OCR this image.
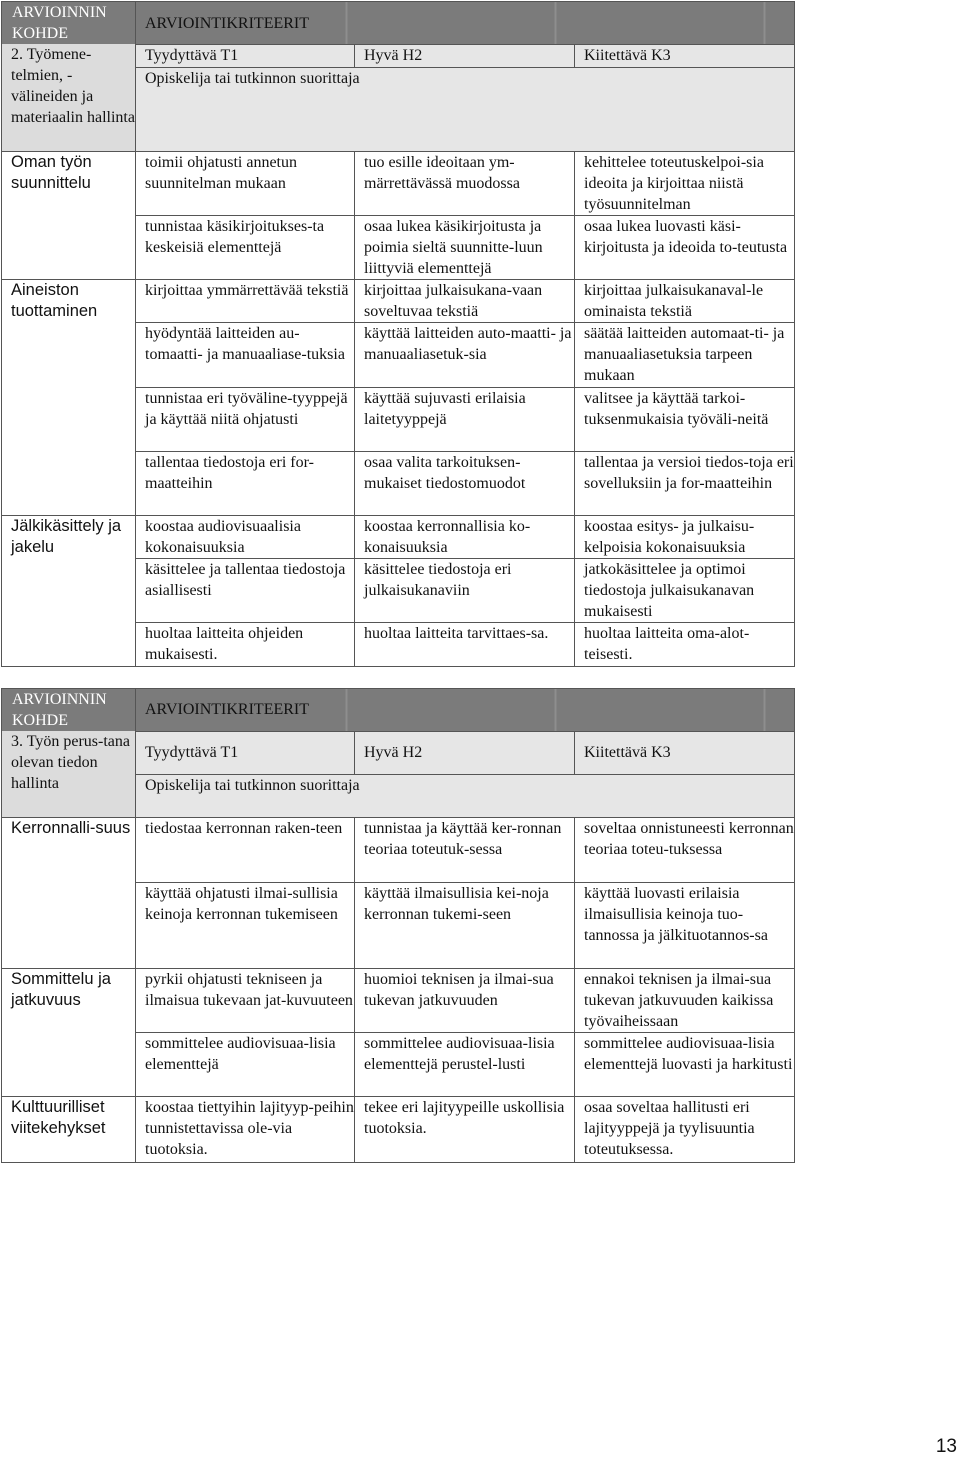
ARVIOINNIN KOHDE	ARVIOINTIKRITEERIT		

2. Työmene-telmien, -välineiden ja materiaalin hallinta	Tyydyttävä T1	Hyvä H2	Kiitettävä K3
	Opiskelija tai tutkinnon suorittaja		

Oman työn suunnittelu	toimii ohjatusti annetun suunnitelman mukaan	tuo esille ideoitaan ym-märrettävässä muodossa	kehittelee toteutuskelpoi-sia ideoita ja kirjoittaa niistä työsuunnitelman

	tunnistaa käsikirjoitukses-ta keskeisiä elementtejä	osaa lukea käsikirjoitusta ja poimia sieltä suunnitte-luun liittyviä elementtejä	osaa lukea luovasti käsi-kirjoitusta ja ideoida to-teutusta

Aineiston tuottaminen	kirjoittaa ymmärrettävää tekstiä	kirjoittaa julkaisukana-vaan soveltuvaa tekstiä	kirjoittaa julkaisukanaval-le ominaista tekstiä

	hyödyntää laitteiden au-tomaatti- ja manuaaliase-tuksia	käyttää laitteiden auto-maatti- ja manuaaliasetuk-sia	säätää laitteiden automaat-ti- ja manuaaliasetuksia tarpeen mukaan

	tunnistaa eri työväline-tyyppejä ja käyttää niitä ohjatusti	käyttää sujuvasti erilaisia laitetyyppejä	valitsee ja käyttää tarkoi-tuksenmukaisia työväli-neitä

	tallentaa tiedostoja eri for-maatteihin	osaa valita tarkoituksen-mukaiset tiedostomuodot	tallentaa ja versioi tiedos-toja eri sovelluksiin ja for-maatteihin

Jälkikäsittely ja jakelu	koostaa audiovisuaalisia kokonaisuuksia	koostaa kerronnallisia ko-konaisuuksia	koostaa esitys- ja julkaisu-kelpoisia kokonaisuuksia

	käsittelee ja tallentaa tiedostoja asiallisesti	käsittelee tiedostoja eri julkaisukanaviin	jatkokäsittelee ja optimoi tiedostoja julkaisukanavan mukaisesti

	huoltaa laitteita ohjeiden mukaisesti.	huoltaa laitteita tarvittaes-sa.	huoltaa laitteita oma-alot-teisesti.
ARVIOINNIN KOHDE	ARVIOINTIKRITEERIT		

3. Työn perus-tana olevan tiedon hallinta	Tyydyttävä T1	Hyvä H2	Kiitettävä K3
	Opiskelija tai tutkinnon suorittaja		

Kerronnalli-suus	tiedostaa kerronnan raken-teen	tunnistaa ja käyttää ker-ronnan teoriaa toteutuk-sessa	soveltaa onnistuneesti kerronnan teoriaa toteu-tuksessa

	käyttää ohjatusti ilmai-sullisia keinoja kerronnan tukemiseen	käyttää ilmaisullisia kei-noja kerronnan tukemi-seen	käyttää luovasti erilaisia ilmaisullisia keinoja tuo-tannossa ja jälkituotannos-sa

Sommittelu ja jatkuvuus	pyrkii ohjatusti tekniseen ja ilmaisua tukevaan jat-kuvuuteen	huomioi teknisen ja ilmai-sua tukevan jatkuvuuden	ennakoi teknisen ja ilmai-sua tukevan jatkuvuuden kaikissa työvaiheissaan

	sommittelee audiovisuaa-lisia elementtejä	sommittelee audiovisuaa-lisia elementtejä perustel-lusti	sommittelee audiovisuaa-lisia elementtejä luovasti ja harkitusti

Kulttuurilliset viitekehykset	koostaa tiettyihin lajityyp-peihin tunnistettavissa ole-via tuotoksia.	tekee eri lajityypeille uskollisia tuotoksia.	osaa soveltaa hallitusti eri lajityyppejä ja tyylisuuntia toteutuksessa.
13
